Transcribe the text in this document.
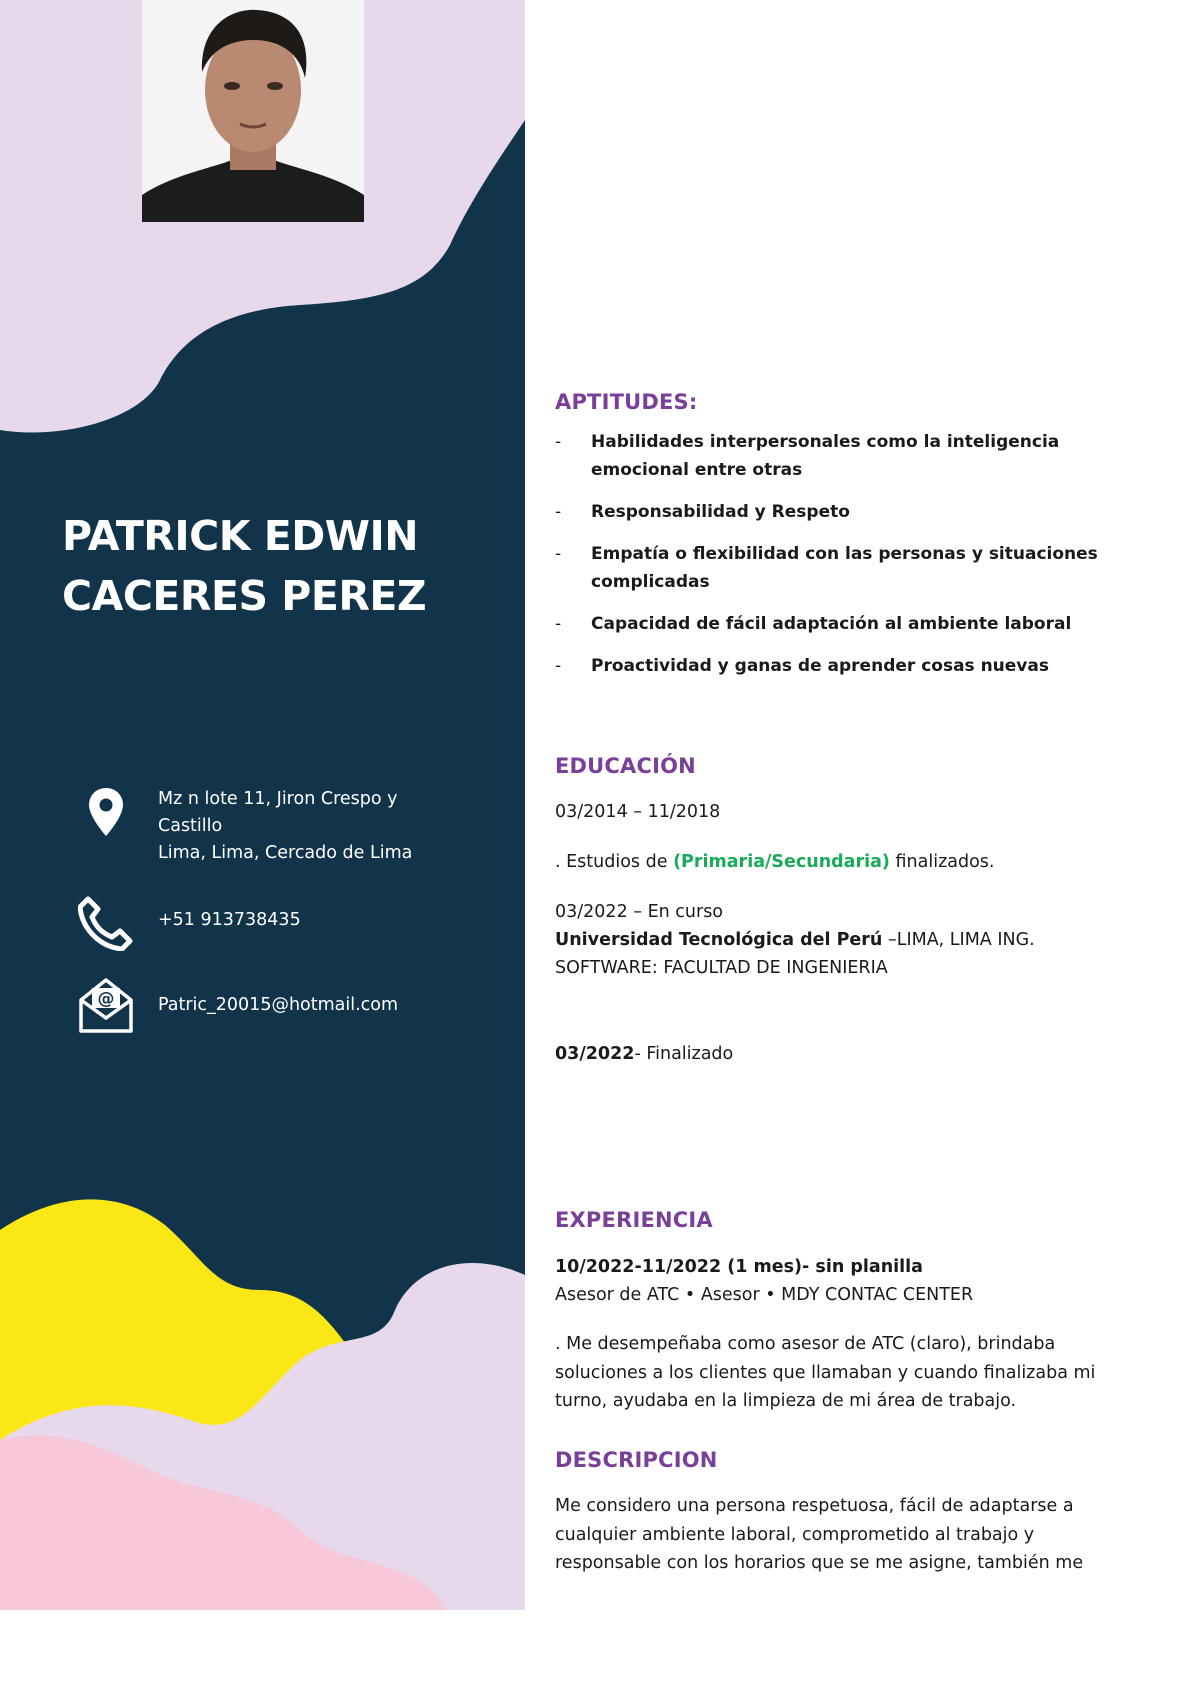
PATRICK EDWIN
CACERES PEREZ
Mz n lote 11, Jiron Crespo y
Castillo
Lima, Lima, Cercado de Lima
+51 913738435
@ Patric_20015@hotmail.com
APTITUDES:
- Habilidades interpersonales como la inteligencia emocional entre otras
- Responsabilidad y Respeto
- Empatía o flexibilidad con las personas y situaciones complicadas
- Capacidad de fácil adaptación al ambiente laboral
- Proactividad y ganas de aprender cosas nuevas
EDUCACIÓN
03/2014 – 11/2018
. Estudios de (Primaria/Secundaria) finalizados.
03/2022 – En curso
Universidad Tecnológica del Perú –LIMA, LIMA ING.
SOFTWARE: FACULTAD DE INGENIERIA
03/2022- Finalizado
EXPERIENCIA
10/2022-11/2022 (1 mes)- sin planilla
Asesor de ATC • Asesor • MDY CONTAC CENTER
. Me desempeñaba como asesor de ATC (claro), brindaba
soluciones a los clientes que llamaban y cuando finalizaba mi
turno, ayudaba en la limpieza de mi área de trabajo.
DESCRIPCION
Me considero una persona respetuosa, fácil de adaptarse a
cualquier ambiente laboral, comprometido al trabajo y
responsable con los horarios que se me asigne, también me
